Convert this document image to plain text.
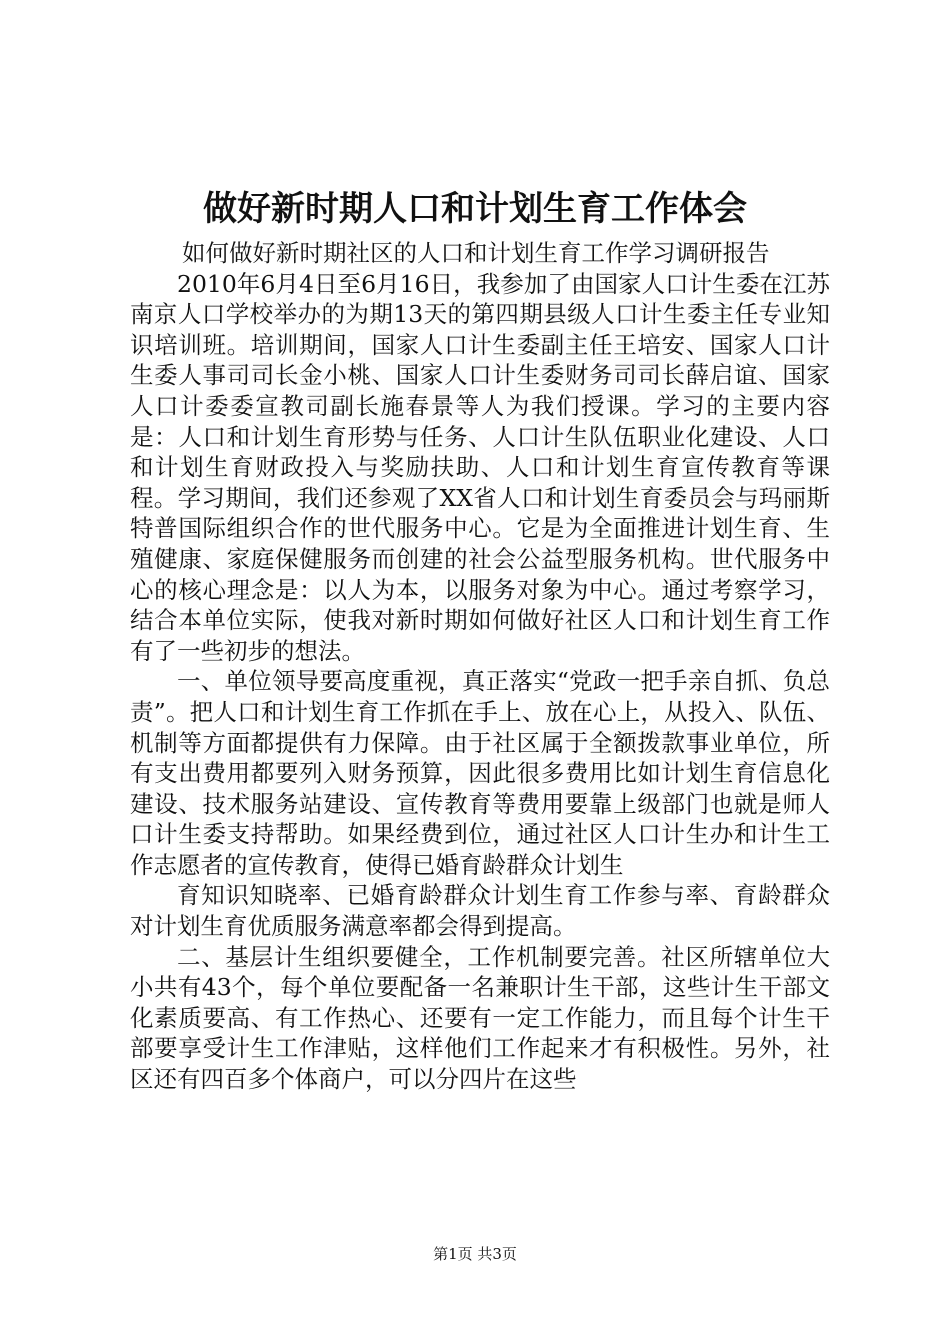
做好新时期人口和计划生育工作体会

如何做好新时期社区的人口和计划生育工作学习调研报告

2010年6月4日至6月16日，我参加了由国家人口计生委在江苏南京人口学校举办的为期13天的第四期县级人口计生委主任专业知识培训班。培训期间，国家人口计生委副主任王培安、国家人口计生委人事司司长金小桃、国家人口计生委财务司司长薛启谊、国家人口计委委宣教司副长施春景等人为我们授课。学习的主要内容是：人口和计划生育形势与任务、人口计生队伍职业化建设、人口和计划生育财政投入与奖励扶助、人口和计划生育宣传教育等课程。学习期间，我们还参观了XX省人口和计划生育委员会与玛丽斯特普国际组织合作的世代服务中心。它是为全面推进计划生育、生殖健康、家庭保健服务而创建的社会公益型服务机构。世代服务中心的核心理念是：以人为本，以服务对象为中心。通过考察学习，结合本单位实际，使我对新时期如何做好社区人口和计划生育工作有了一些初步的想法。

一、单位领导要高度重视，真正落实“党政一把手亲自抓、负总责”。把人口和计划生育工作抓在手上、放在心上，从投入、队伍、机制等方面都提供有力保障。由于社区属于全额拨款事业单位，所有支出费用都要列入财务预算，因此很多费用比如计划生育信息化建设、技术服务站建设、宣传教育等费用要靠上级部门也就是师人口计生委支持帮助。如果经费到位，通过社区人口计生办和计生工作志愿者的宣传教育，使得已婚育龄群众计划生

育知识知晓率、已婚育龄群众计划生育工作参与率、育龄群众对计划生育优质服务满意率都会得到提高。

二、基层计生组织要健全，工作机制要完善。社区所辖单位大小共有43个，每个单位要配备一名兼职计生干部，这些计生干部文化素质要高、有工作热心、还要有一定工作能力，而且每个计生干部要享受计生工作津贴，这样他们工作起来才有积极性。另外，社区还有四百多个体商户，可以分四片在这些

第1页 共3页
